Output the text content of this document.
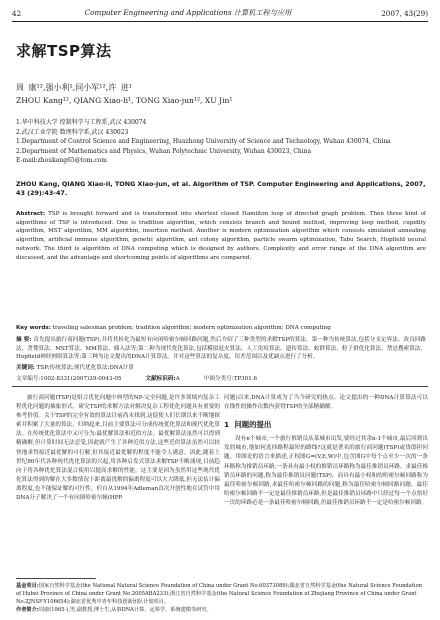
42	Computer Engineering and Applications 计算机工程与应用	2007, 43(29)
求解TSP算法
周 康¹²,强小利¹,同小军¹²,许 进¹
ZHOU Kang¹², QIANG Xiao-li¹, TONG Xiao-jun¹², XU Jin¹
1.华中科技大学 控制科学与工程系,武汉 430074
2.武汉工业学院 数理科学系,武汉 430023
1.Department of Control Science and Engineering, Huazhong University of Science and Technology, Wuhan 430074, China
2.Department of Mathematics and Physics, Wuhan Polytechnic University, Wuhan 430023, China
E-mail:zhoukang65@tom.com
ZHOU Kang, QIANG Xiao-li, TONG Xiao-jun, et al. Algorithm of TSP. Computer Engineering and Applications, 2007, 43 (29):43-47.
Abstract: TSP is brought forward and is transformed into shortest closed Hamilton loop of directed graph problem. Then three kind of algorithms of TSP is introduced. One is tradition algorithm, which consists branch and bound method, improving loop method, cupidity algorithm, MST algorithm, MM algorithm, insertion method. Another is modern optimization algorithm which consists simulated annealing algorithm, artificial immune algorithm, genetic algorithm, ant colony algorithm, particle swarm optimization, Tabu Search, Hopfield neural network. The third is algorithm of DNA computing which is designed by authors. Complexity and error range of the DNA algorithm are discussed, and the advantage and shortcoming points of algorithms are compared.
Key words: traveling salesman problem; tradition algorithm; modern optimization algorithm; DNA computing
摘 要: 首先提出旅行商问题(TSP),并将其转化为最短有向闭哈密尔顿回路问题,然后介绍了三种类型的求解TSP的算法。第一种为传统算法,包括分支定界法、改良回路法、贪婪算法、MST算法、MM算法、插入法等;第二种为现代优化算法,包括模拟退火算法、人工免疫算法、遗传算法、蚁群算法、粒子群优化算法、禁忌搜索算法、Hopfield神经网络算法等;第三种为论文提出的DNA计算算法。并对这些算法的复杂度、误差范围以及优缺点进行了分析。
关键词: TSP;传统算法;现代优化算法;DNA计算
文章编号:1002-8331(2007)29-0043-05	文献标识码:A	中图分类号:TP301.6

旅行商问题(TSP)是组合优化问题中典型的NP-完全问题,是许多领域内复杂工程优化问题的抽象形式。研究TSP的求解方法对解决复杂工程优化问题具有重要的参考价值。关于TSP的完全有效的算法目前尚未找到,这促使人们长期以来不断地探索并积累了大量的算法。归纳起来,目前主要算法可分成传统优化算法和现代优化算法。在传统优化算法中又可分为:最优解算法和近似方法。最优解算法虽然可以得到精确解,但计算时间无法忍受,因此就产生了各种近似方法,这些近似算法虽然可以较快地求得接近最优解的可行解,但其接近最优解的程度不能令人满意。因此,随着上世纪80年代各种现代优化算法的兴起,用各种启发式算法求解TSP不断涌现,目前趋向于将各种优化算法混合使用以提高求解的性能。这主要是因为虽然用这些现代优化算法得到的解在大多数情况下距离最优解的偏离程度可以大大降低,但无法估计偏离程度,也不能保证解的可行性。但自从1994年Adleman首次开创性地在试管中用DNA分子解决了一个有向图哈密尔顿(HPP

问题)以来,DNA计算成为了当今研究的热点。论文提出的一种DNA计算算法可以在线性的操作次数内获得TSP的全部精确解。

1 问题的提出

设有n个城市,一个旅行推销员从某城市出发,要经过其余n-1个城市,最后回到出发的城市,他如何选择路程最短的路线?这就是著名的旅行商问题(TSP)或货郎担问题。用图论的语言来描述,正权图G=(V,E,W)中,包含图G中每个点至少一次的一条环路称为推销员环路,一条具有最小权的推销员环路称为最佳推销员环路。求最佳推销员环路的问题,称为最佳推销员问题(TSP)。而具有最小权和的哈密尔顿回路称为最佳哈密尔顿回路,求最佳哈密尔顿回路的问题,称为最佳哈密尔顿回路问题。最佳哈密尔顿回路不一定是最佳推销员环路,但是最佳推销员环路中只经过每一个点恰好一次的环路必是一条最佳哈密尔顿回路,但最佳推销员环路不一定是哈密尔顿回路。

基金项目:国家自然科学基金(the National Natural Science Foundation of China under Grant No.60373089);湖北省自然科学基金(the Natural Science Foundation of Hubei Province of China under Grant No.2005ABA233);浙江省自然科学基金(the Natural Science Foundation of Zhejiang Province of China under Grant No.ZJNSF-Y106654);湖北省优秀中青年科技创新团队计划项目。
作者简介:周康(1965-),男,副教授,博士生,从事DNA计算、运筹学、系统建模等研究。
